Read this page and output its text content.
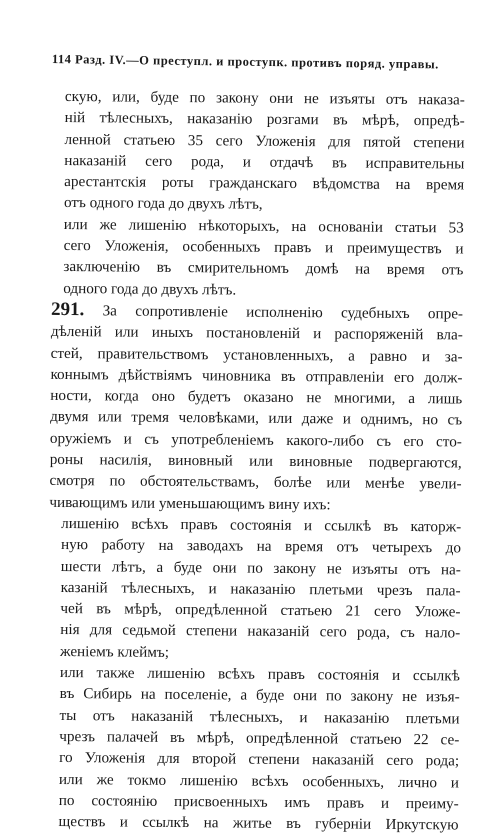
114 Разд. IV.—О преступл. и проступк. противъ поряд. управы.
скую, или, буде по закону они не изъяты отъ наказа-
ній тѣлесныхъ, наказанію розгами въ мѣрѣ, опредѣ-
ленной статьею 35 сего Уложенія для пятой степени
наказаній сего рода, и отдачѣ въ исправительны
арестантскія роты гражданскаго вѣдомства на время
отъ одного года до двухъ лѣтъ,
или же лишенію нѣкоторыхъ, на основаніи статьи 53
сего Уложенія, особенныхъ правъ и преимуществъ и
заключенію въ смирительномъ домѣ на время отъ
одного года до двухъ лѣтъ.
291. За сопротивленіе исполненію судебныхъ опре-
дѣленій или иныхъ постановленій и распоряженій вла-
стей, правительствомъ установленныхъ, а равно и за-
коннымъ дѣйствіямъ чиновника въ отправленіи его долж-
ности, когда оно будетъ оказано не многими, а лишь
двумя или тремя человѣками, или даже и однимъ, но съ
оружіемъ и съ употребленіемъ какого-либо съ его сто-
роны насилія, виновный или виновные подвергаются,
смотря по обстоятельствамъ, болѣе или менѣе увели-
чивающимъ или уменьшающимъ вину ихъ:
лишенію всѣхъ правъ состоянія и ссылкѣ въ каторж-
ную работу на заводахъ на время отъ четырехъ до
шести лѣтъ, а буде они по закону не изъяты отъ на-
казаній тѣлесныхъ, и наказанію плетьми чрезъ пала-
чей въ мѣрѣ, опредѣленной статьею 21 сего Уложе-
нія для седьмой степени наказаній сего рода, съ нало-
женіемъ клеймъ;
или также лишенію всѣхъ правъ состоянія и ссылкѣ
въ Сибирь на поселеніе, а буде они по закону не изъя-
ты отъ наказаній тѣлесныхъ, и наказанію плетьми
чрезъ палачей въ мѣрѣ, опредѣленной статьею 22 се-
го Уложенія для второй степени наказаній сего рода;
или же токмо лишенію всѣхъ особенныхъ, лично и
по состоянію присвоенныхъ имъ правъ и преиму-
ществъ и ссылкѣ на житье въ губерніи Иркутскую
